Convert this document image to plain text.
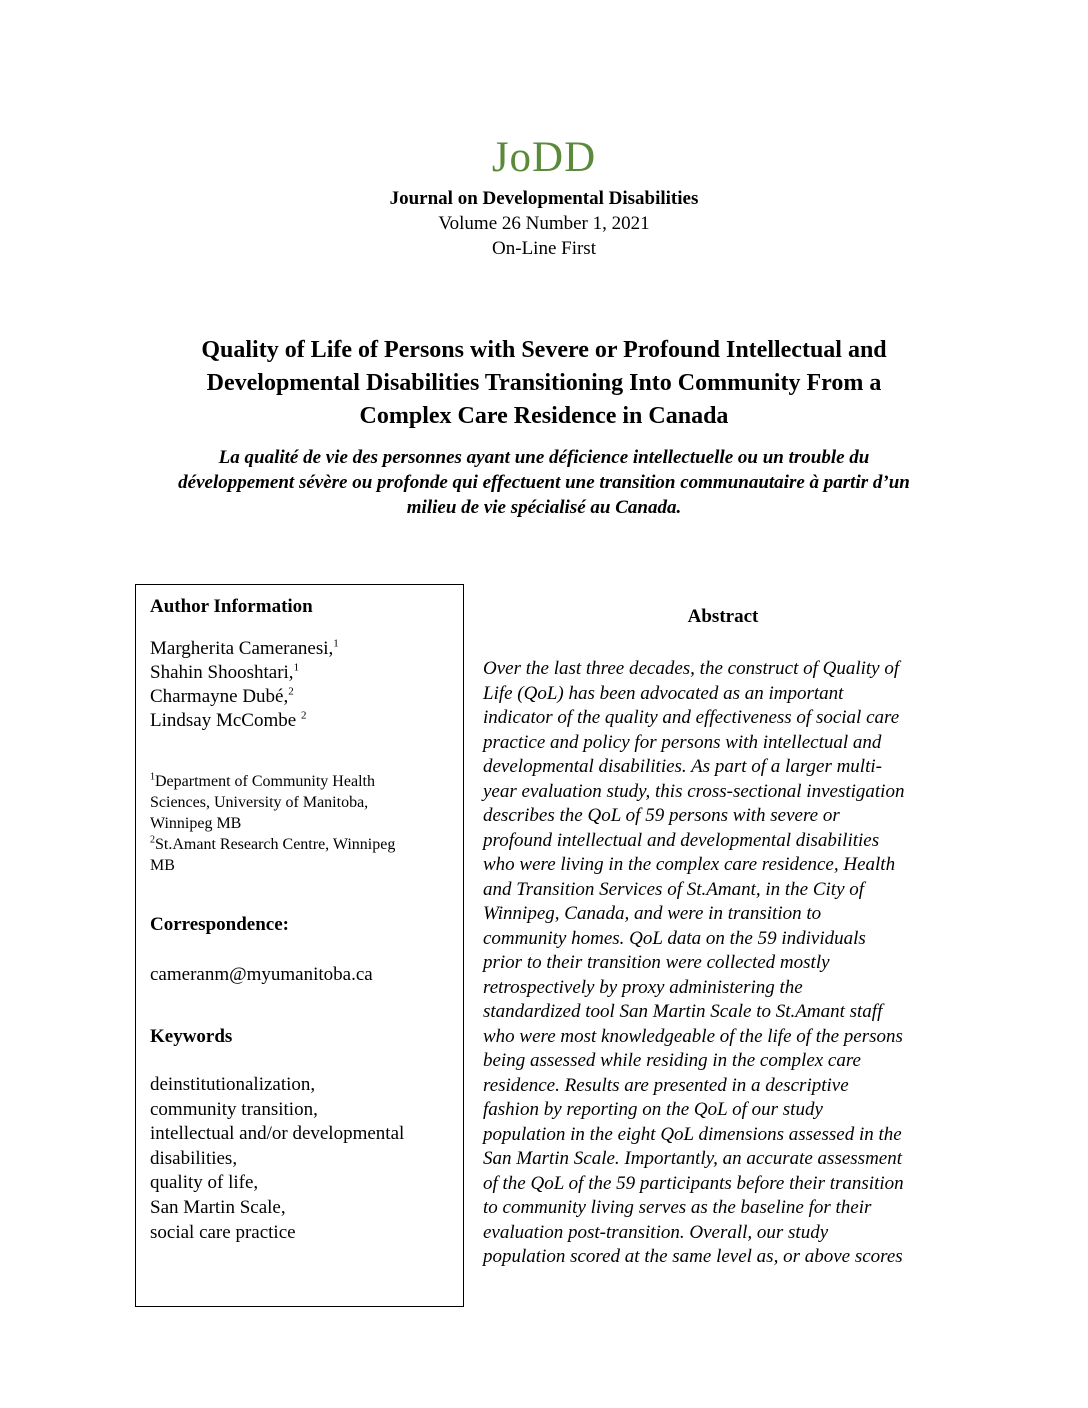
JoDD
Journal on Developmental Disabilities
Volume 26 Number 1, 2021
On-Line First
Quality of Life of Persons with Severe or Profound Intellectual and
Developmental Disabilities Transitioning Into Community From a
Complex Care Residence in Canada
La qualité de vie des personnes ayant une déficience intellectuelle ou un trouble du
développement sévère ou profonde qui effectuent une transition communautaire à partir d’un
milieu de vie spécialisé au Canada.
Author Information
Margherita Cameranesi,$^1$
Shahin Shooshtari,$^1$
Charmayne Dubé,$^2$
Lindsay McCombe $^2$
$^1$Department of Community Health
Sciences, University of Manitoba,
Winnipeg MB
$^2$St.Amant Research Centre, Winnipeg
MB
Correspondence:
cameranm@myumanitoba.ca
Keywords
deinstitutionalization,
community transition,
intellectual and/or developmental
disabilities,
quality of life,
San Martin Scale,
social care practice
Abstract
Over the last three decades, the construct of Quality of
Life (QoL) has been advocated as an important
indicator of the quality and effectiveness of social care
practice and policy for persons with intellectual and
developmental disabilities. As part of a larger multi-
year evaluation study, this cross-sectional investigation
describes the QoL of 59 persons with severe or
profound intellectual and developmental disabilities
who were living in the complex care residence, Health
and Transition Services of St.Amant, in the City of
Winnipeg, Canada, and were in transition to
community homes. QoL data on the 59 individuals
prior to their transition were collected mostly
retrospectively by proxy administering the
standardized tool San Martin Scale to St.Amant staff
who were most knowledgeable of the life of the persons
being assessed while residing in the complex care
residence. Results are presented in a descriptive
fashion by reporting on the QoL of our study
population in the eight QoL dimensions assessed in the
San Martin Scale. Importantly, an accurate assessment
of the QoL of the 59 participants before their transition
to community living serves as the baseline for their
evaluation post-transition. Overall, our study
population scored at the same level as, or above scores
